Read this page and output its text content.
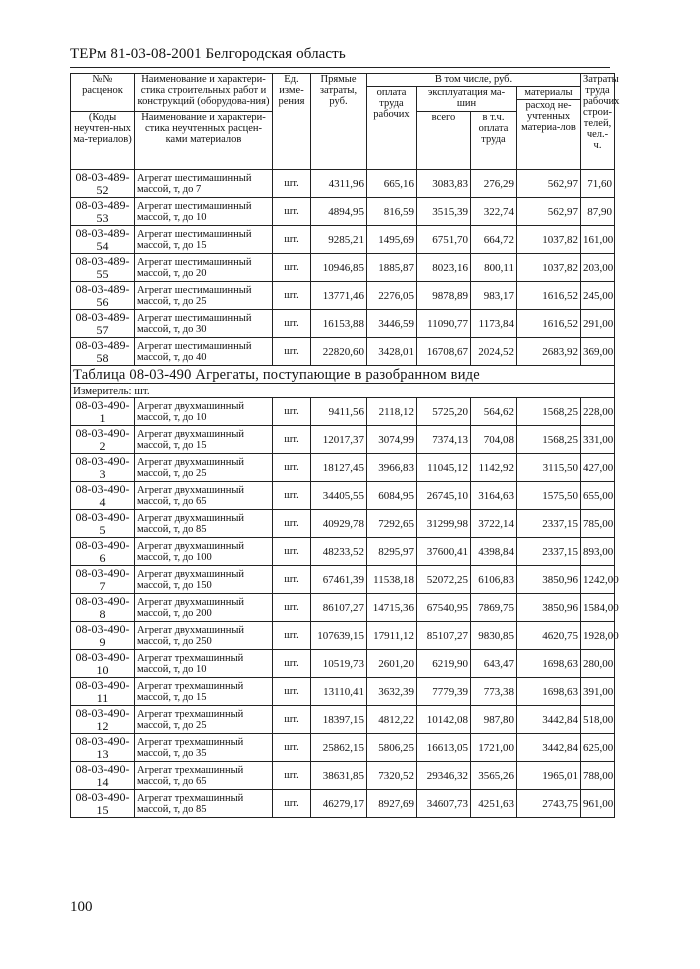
ТЕРм 81-03-08-2001 Белгородская область
№№ расценок	Наименование и характери-стика строительных работ и конструкций (оборудова-ния)	Ед. изме-рения	Прямые затраты, руб.	В том числе, руб.				Затраты труда рабочих строи-телей, чел.-ч.
				оплата труда рабочих	эксплуатация ма-шин		материалы	
							расход не-учтенных материа-лов	
(Коды неучтен-ных ма-териалов)	Наименование и характери-стика неучтенных расцен-ками материалов				всего	в т.ч. оплата труда		
08-03-489-52	Агрегат шестимашинный массой, т, до 7	шт.	4311,96	665,16	3083,83	276,29	562,97	71,60
08-03-489-53	Агрегат шестимашинный массой, т, до 10	шт.	4894,95	816,59	3515,39	322,74	562,97	87,90
08-03-489-54	Агрегат шестимашинный массой, т, до 15	шт.	9285,21	1495,69	6751,70	664,72	1037,82	161,00
08-03-489-55	Агрегат шестимашинный массой, т, до 20	шт.	10946,85	1885,87	8023,16	800,11	1037,82	203,00
08-03-489-56	Агрегат шестимашинный массой, т, до 25	шт.	13771,46	2276,05	9878,89	983,17	1616,52	245,00
08-03-489-57	Агрегат шестимашинный массой, т, до 30	шт.	16153,88	3446,59	11090,77	1173,84	1616,52	291,00
08-03-489-58	Агрегат шестимашинный массой, т, до 40	шт.	22820,60	3428,01	16708,67	2024,52	2683,92	369,00
Таблица 08-03-490 Агрегаты, поступающие в разобранном виде								
Измеритель: шт.								
08-03-490-1	Агрегат двухмашинный массой, т, до 10	шт.	9411,56	2118,12	5725,20	564,62	1568,25	228,00
08-03-490-2	Агрегат двухмашинный массой, т, до 15	шт.	12017,37	3074,99	7374,13	704,08	1568,25	331,00
08-03-490-3	Агрегат двухмашинный массой, т, до 25	шт.	18127,45	3966,83	11045,12	1142,92	3115,50	427,00
08-03-490-4	Агрегат двухмашинный массой, т, до 65	шт.	34405,55	6084,95	26745,10	3164,63	1575,50	655,00
08-03-490-5	Агрегат двухмашинный массой, т, до 85	шт.	40929,78	7292,65	31299,98	3722,14	2337,15	785,00
08-03-490-6	Агрегат двухмашинный массой, т, до 100	шт.	48233,52	8295,97	37600,41	4398,84	2337,15	893,00
08-03-490-7	Агрегат двухмашинный массой, т, до 150	шт.	67461,39	11538,18	52072,25	6106,83	3850,96	1242,00
08-03-490-8	Агрегат двухмашинный массой, т, до 200	шт.	86107,27	14715,36	67540,95	7869,75	3850,96	1584,00
08-03-490-9	Агрегат двухмашинный массой, т, до 250	шт.	107639,15	17911,12	85107,27	9830,85	4620,75	1928,00
08-03-490-10	Агрегат трехмашинный массой, т, до 10	шт.	10519,73	2601,20	6219,90	643,47	1698,63	280,00
08-03-490-11	Агрегат трехмашинный массой, т, до 15	шт.	13110,41	3632,39	7779,39	773,38	1698,63	391,00
08-03-490-12	Агрегат трехмашинный массой, т, до 25	шт.	18397,15	4812,22	10142,08	987,80	3442,84	518,00
08-03-490-13	Агрегат трехмашинный массой, т, до 35	шт.	25862,15	5806,25	16613,05	1721,00	3442,84	625,00
08-03-490-14	Агрегат трехмашинный массой, т, до 65	шт.	38631,85	7320,52	29346,32	3565,26	1965,01	788,00
08-03-490-15	Агрегат трехмашинный массой, т, до 85	шт.	46279,17	8927,69	34607,73	4251,63	2743,75	961,00
100
